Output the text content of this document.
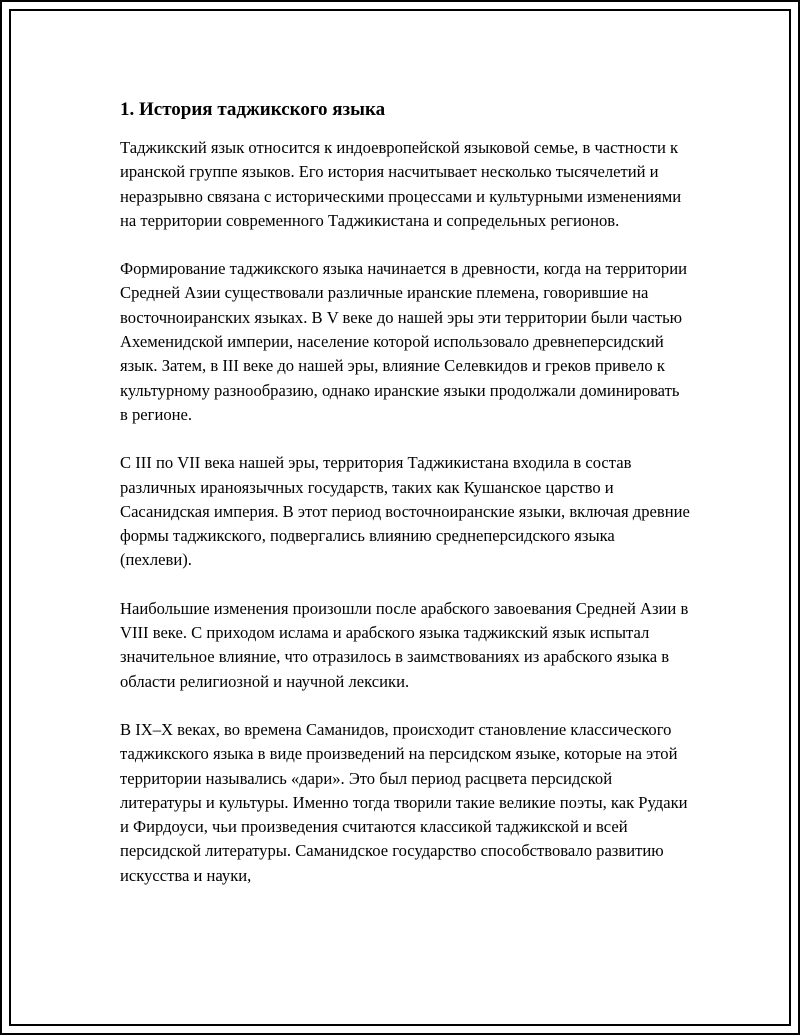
1. История таджикского языка

Таджикский язык относится к индоевропейской языковой семье, в частности к иранской группе языков. Его история насчитывает несколько тысячелетий и неразрывно связана с историческими процессами и культурными изменениями на территории современного Таджикистана и сопредельных регионов.

Формирование таджикского языка начинается в древности, когда на территории Средней Азии существовали различные иранские племена, говорившие на восточноиранских языках. В V веке до нашей эры эти территории были частью Ахеменидской империи, население которой использовало древнеперсидский язык. Затем, в III веке до нашей эры, влияние Селевкидов и греков привело к культурному разнообразию, однако иранские языки продолжали доминировать в регионе.

С III по VII века нашей эры, территория Таджикистана входила в состав различных ираноязычных государств, таких как Кушанское царство и Сасанидская империя. В этот период восточноиранские языки, включая древние формы таджикского, подвергались влиянию среднеперсидского языка (пехлеви).

Наибольшие изменения произошли после арабского завоевания Средней Азии в VIII веке. С приходом ислама и арабского языка таджикский язык испытал значительное влияние, что отразилось в заимствованиях из арабского языка в области религиозной и научной лексики.

В IX–X веках, во времена Саманидов, происходит становление классического таджикского языка в виде произведений на персидском языке, которые на этой территории назывались «дари». Это был период расцвета персидской литературы и культуры. Именно тогда творили такие великие поэты, как Рудаки и Фирдоуси, чьи произведения считаются классикой таджикской и всей персидской литературы. Саманидское государство способствовало развитию искусства и науки,
